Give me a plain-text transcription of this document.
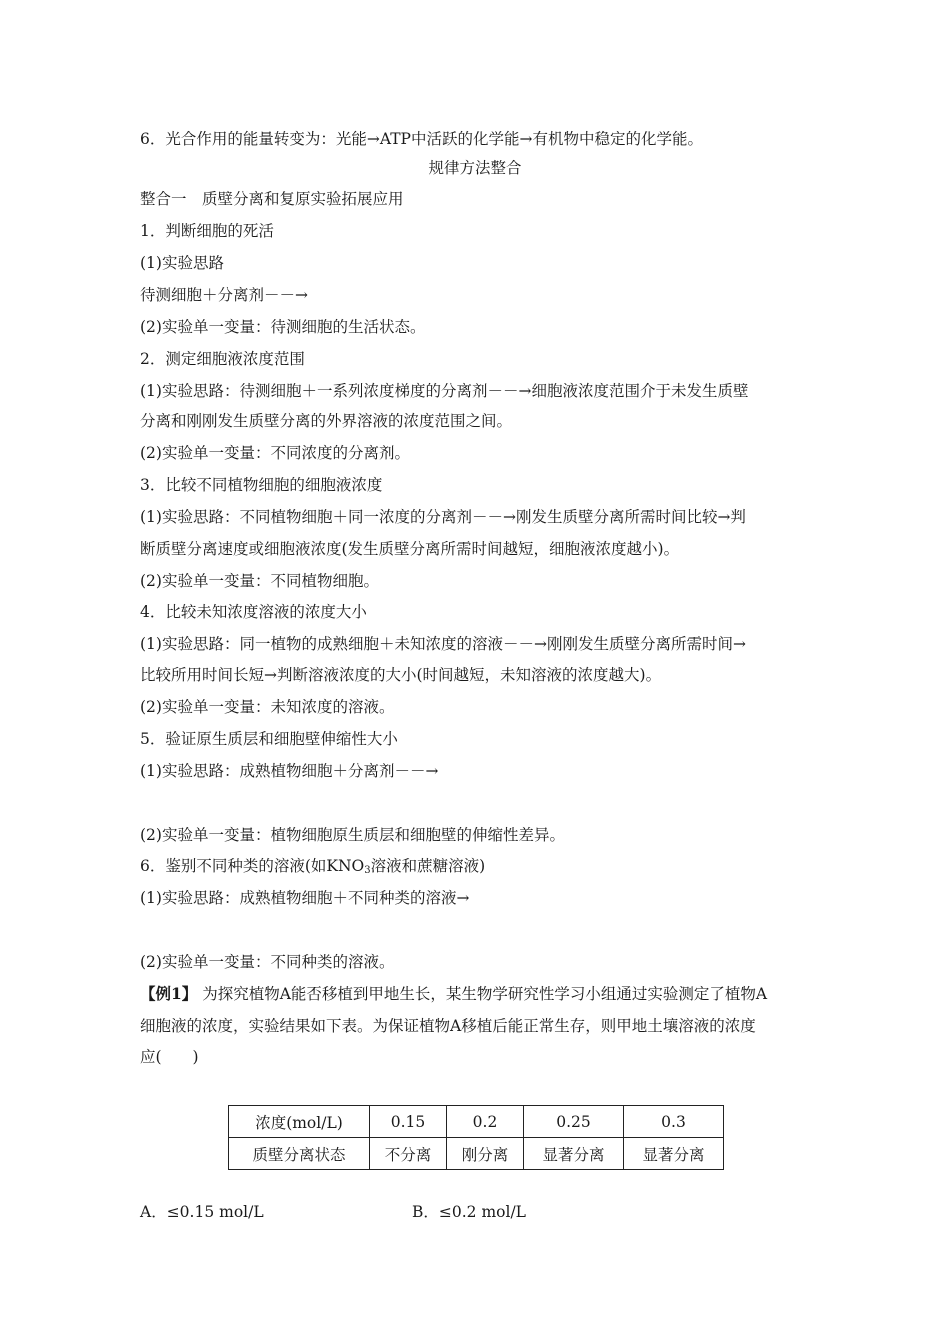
6．光合作用的能量转变为：光能→ATP中活跃的化学能→有机物中稳定的化学能。
规律方法整合
整合一　质壁分离和复原实验拓展应用
1．判断细胞的死活
(1)实验思路
待测细胞＋分离剂－－→
(2)实验单一变量：待测细胞的生活状态。
2．测定细胞液浓度范围
(1)实验思路：待测细胞＋一系列浓度梯度的分离剂－－→细胞液浓度范围介于未发生质壁
分离和刚刚发生质壁分离的外界溶液的浓度范围之间。
(2)实验单一变量：不同浓度的分离剂。
3．比较不同植物细胞的细胞液浓度
(1)实验思路：不同植物细胞＋同一浓度的分离剂－－→刚发生质壁分离所需时间比较→判
断质壁分离速度或细胞液浓度(发生质壁分离所需时间越短，细胞液浓度越小)。
(2)实验单一变量：不同植物细胞。
4．比较未知浓度溶液的浓度大小
(1)实验思路：同一植物的成熟细胞＋未知浓度的溶液－－→刚刚发生质壁分离所需时间→
比较所用时间长短→判断溶液浓度的大小(时间越短，未知溶液的浓度越大)。
(2)实验单一变量：未知浓度的溶液。
5．验证原生质层和细胞壁伸缩性大小
(1)实验思路：成熟植物细胞＋分离剂－－→
(2)实验单一变量：植物细胞原生质层和细胞壁的伸缩性差异。
6．鉴别不同种类的溶液(如$KNO_3$溶液和蔗糖溶液)
(1)实验思路：成熟植物细胞＋不同种类的溶液→
(2)实验单一变量：不同种类的溶液。
【例1】 为探究植物A能否移植到甲地生长，某生物学研究性学习小组通过实验测定了植物A
细胞液的浓度，实验结果如下表。为保证植物A移植后能正常生存，则甲地土壤溶液的浓度
应(　　)
浓度(mol/L)	0.15	0.2	0.25	0.3
质壁分离状态	不分离	刚分离	显著分离	显著分离
A．≤0.15 mol/L	B．≤0.2 mol/L
